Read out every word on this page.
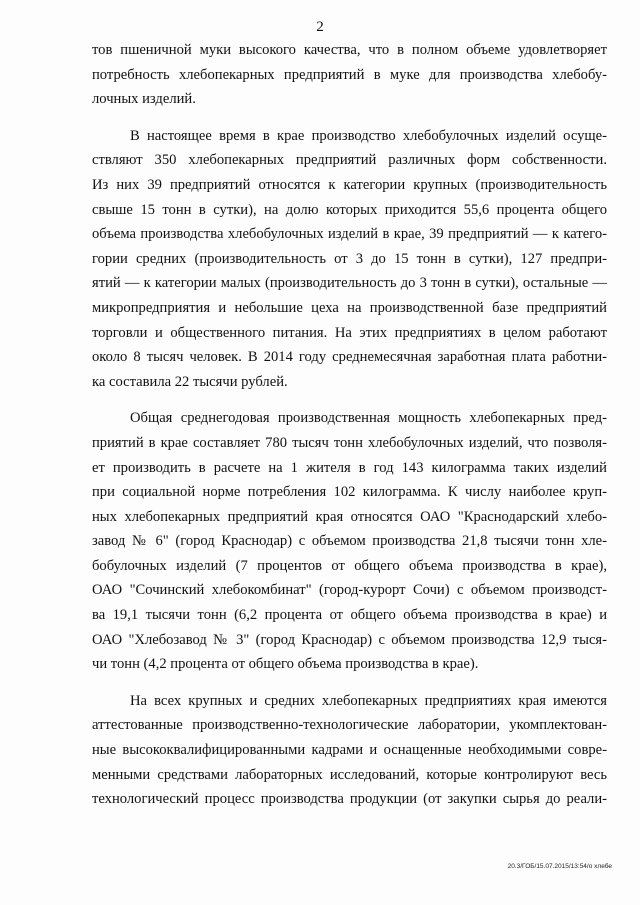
2
тов пшеничной муки высокого качества, что в полном объеме удовлетворяет
потребность хлебопекарных предприятий в муке для производства хлебобу-
лочных изделий.
В настоящее время в крае производство хлебобулочных изделий осуще-
ствляют 350 хлебопекарных предприятий различных форм собственности.
Из них 39 предприятий относятся к категории крупных (производительность
свыше 15 тонн в сутки), на долю которых приходится 55,6 процента общего
объема производства хлебобулочных изделий в крае, 39 предприятий — к катего-
гории средних (производительность от 3 до 15 тонн в сутки), 127 предпри-
ятий — к категории малых (производительность до 3 тонн в сутки), остальные —
микропредприятия и небольшие цеха на производственной базе предприятий
торговли и общественного питания. На этих предприятиях в целом работают
около 8 тысяч человек. В 2014 году среднемесячная заработная плата работни-
ка составила 22 тысячи рублей.
Общая среднегодовая производственная мощность хлебопекарных пред-
приятий в крае составляет 780 тысяч тонн хлебобулочных изделий, что позволя-
ет производить в расчете на 1 жителя в год 143 килограмма таких изделий
при социальной норме потребления 102 килограмма. К числу наиболее круп-
ных хлебопекарных предприятий края относятся ОАО "Краснодарский хлебо-
завод № 6" (город Краснодар) с объемом производства 21,8 тысячи тонн хле-
бобулочных изделий (7 процентов от общего объема производства в крае),
ОАО "Сочинский хлебокомбинат" (город-курорт Сочи) с объемом производст-
ва 19,1 тысячи тонн (6,2 процента от общего объема производства в крае) и
ОАО "Хлебозавод № 3" (город Краснодар) с объемом производства 12,9 тыся-
чи тонн (4,2 процента от общего объема производства в крае).
На всех крупных и средних хлебопекарных предприятиях края имеются
аттестованные производственно-технологические лаборатории, укомплектован-
ные высококвалифицированными кадрами и оснащенные необходимыми совре-
менными средствами лабораторных исследований, которые контролируют весь
технологический процесс производства продукции (от закупки сырья до реали-
20.3/ГОБ/15.07.2015/13:54/о хлебе
